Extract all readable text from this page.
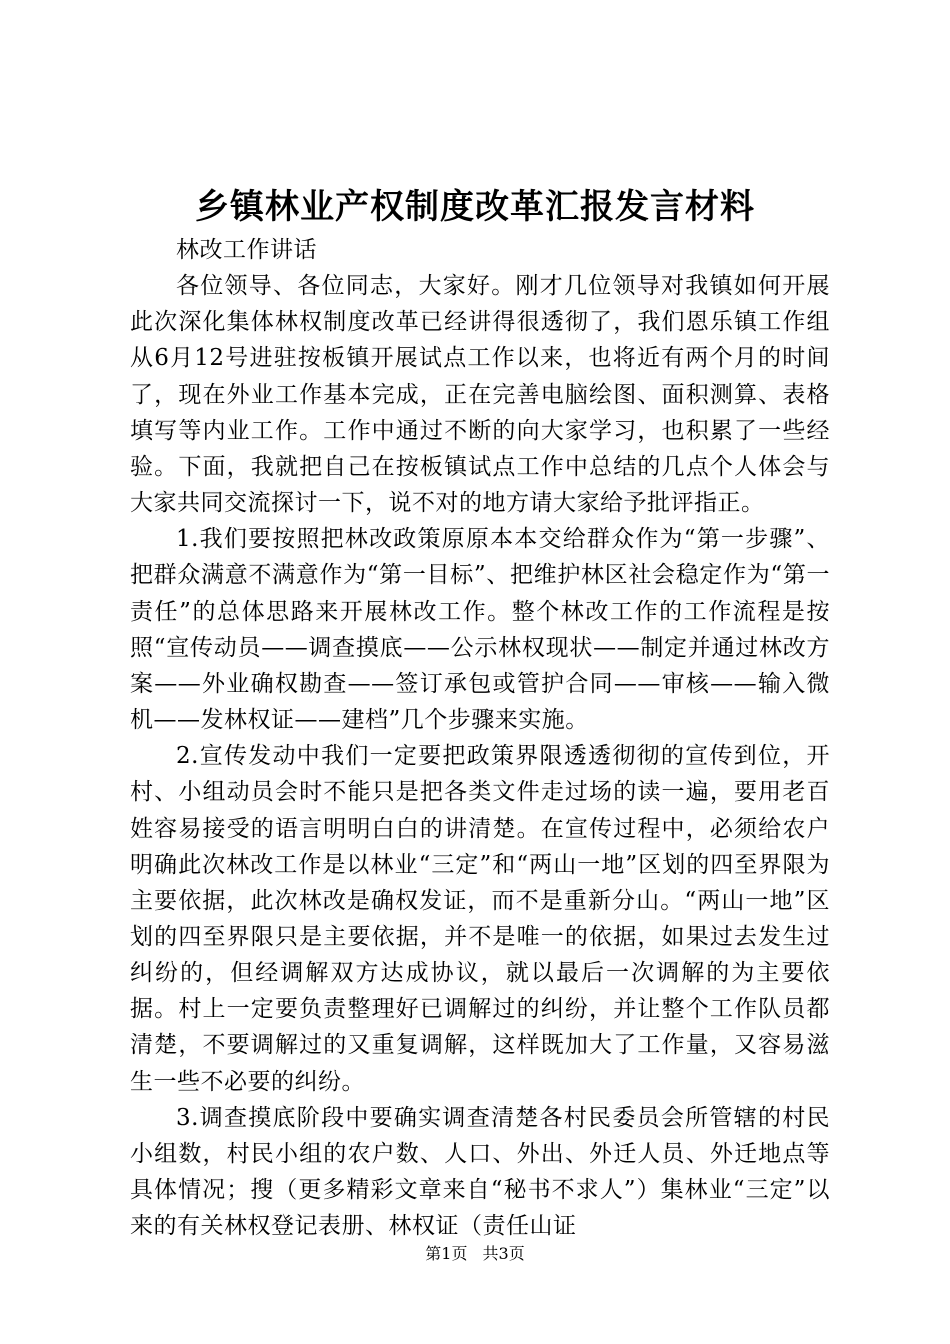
乡镇林业产权制度改革汇报发言材料

林改工作讲话

各位领导、各位同志，大家好。刚才几位领导对我镇如何开展此次深化集体林权制度改革已经讲得很透彻了，我们恩乐镇工作组从6月12号进驻按板镇开展试点工作以来，也将近有两个月的时间了，现在外业工作基本完成，正在完善电脑绘图、面积测算、表格填写等内业工作。工作中通过不断的向大家学习，也积累了一些经验。下面，我就把自己在按板镇试点工作中总结的几点个人体会与大家共同交流探讨一下，说不对的地方请大家给予批评指正。

1.我们要按照把林改政策原原本本交给群众作为“第一步骤”、把群众满意不满意作为“第一目标”、把维护林区社会稳定作为“第一责任”的总体思路来开展林改工作。整个林改工作的工作流程是按照“宣传动员——调查摸底——公示林权现状——制定并通过林改方案——外业确权勘查——签订承包或管护合同——审核——输入微机——发林权证——建档”几个步骤来实施。

2.宣传发动中我们一定要把政策界限透透彻彻的宣传到位，开村、小组动员会时不能只是把各类文件走过场的读一遍，要用老百姓容易接受的语言明明白白的讲清楚。在宣传过程中，必须给农户明确此次林改工作是以林业“三定”和“两山一地”区划的四至界限为主要依据，此次林改是确权发证，而不是重新分山。“两山一地”区划的四至界限只是主要依据，并不是唯一的依据，如果过去发生过纠纷的，但经调解双方达成协议，就以最后一次调解的为主要依据。村上一定要负责整理好已调解过的纠纷，并让整个工作队员都清楚，不要调解过的又重复调解，这样既加大了工作量，又容易滋生一些不必要的纠纷。

3.调查摸底阶段中要确实调查清楚各村民委员会所管辖的村民小组数，村民小组的农户数、人口、外出、外迁人员、外迁地点等具体情况；搜（更多精彩文章来自“秘书不求人”）集林业“三定”以来的有关林权登记表册、林权证（责任山证

第1页 共3页
